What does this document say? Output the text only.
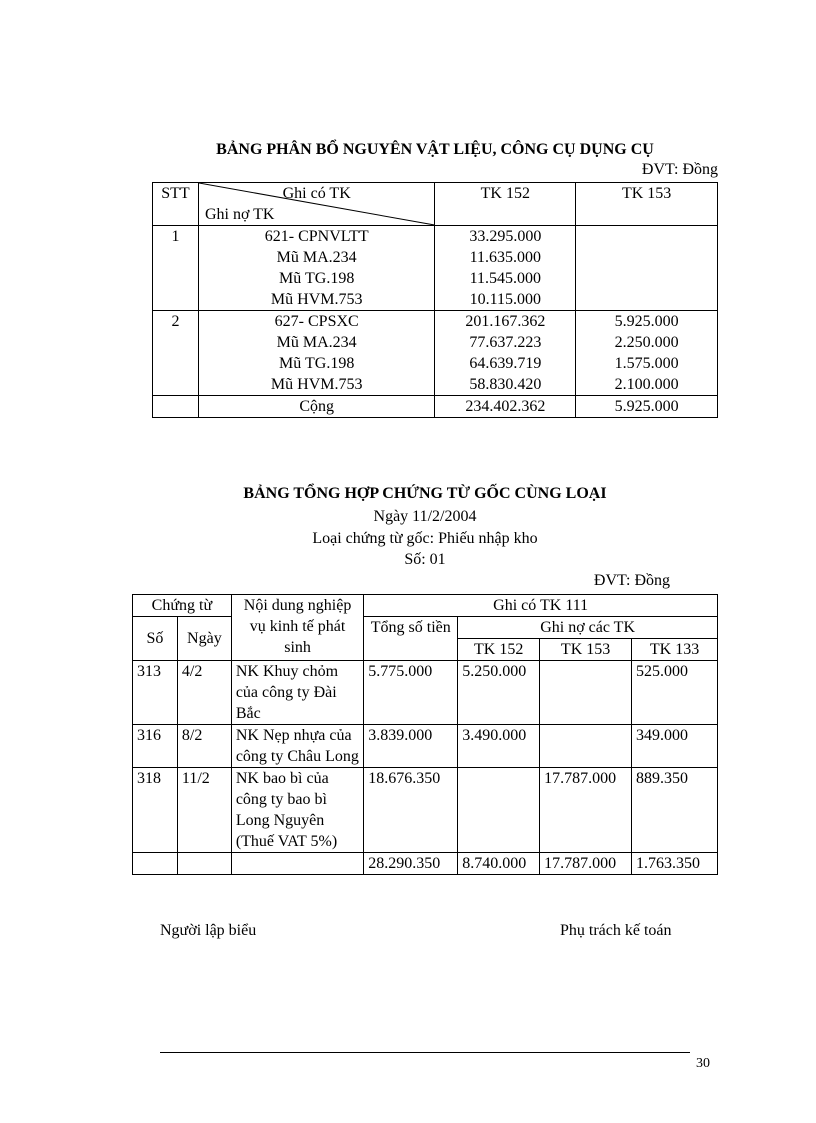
BẢNG PHÂN BỔ NGUYÊN VẬT LIỆU, CÔNG CỤ DỤNG CỤ
ĐVT: Đồng
STT	Ghi có TK
Ghi nợ TK	TK 152	TK 153
1	621- CPNVLTT	33.295.000	
	Mũ MA.234	11.635.000	
	Mũ TG.198	11.545.000	
	Mũ HVM.753	10.115.000	
2	627- CPSXC	201.167.362	5.925.000
	Mũ MA.234	77.637.223	2.250.000
	Mũ TG.198	64.639.719	1.575.000
	Mũ HVM.753	58.830.420	2.100.000
	Cộng	234.402.362	5.925.000
BẢNG TỔNG HỢP CHỨNG TỪ GỐC CÙNG LOẠI
Ngày 11/2/2004
Loại chứng từ gốc: Phiếu nhập kho
Số: 01
ĐVT: Đồng
Chứng từ		Nội dung nghiệp vụ kinh tế phát sinh	Ghi có TK 111			
Số	Ngày		Tổng số tiền	Ghi nợ các TK		
				TK 152	TK 153	TK 133
313	4/2	NK Khuy chỏm của công ty Đài Bắc	5.775.000	5.250.000		525.000
316	8/2	NK Nẹp nhựa của công ty Châu Long	3.839.000	3.490.000		349.000
318	11/2	NK bao bì của công ty bao bì Long Nguyên (Thuế VAT 5%)	18.676.350		17.787.000	889.350
			28.290.350	8.740.000	17.787.000	1.763.350
Người lập biểu	Phụ trách kế toán
30
